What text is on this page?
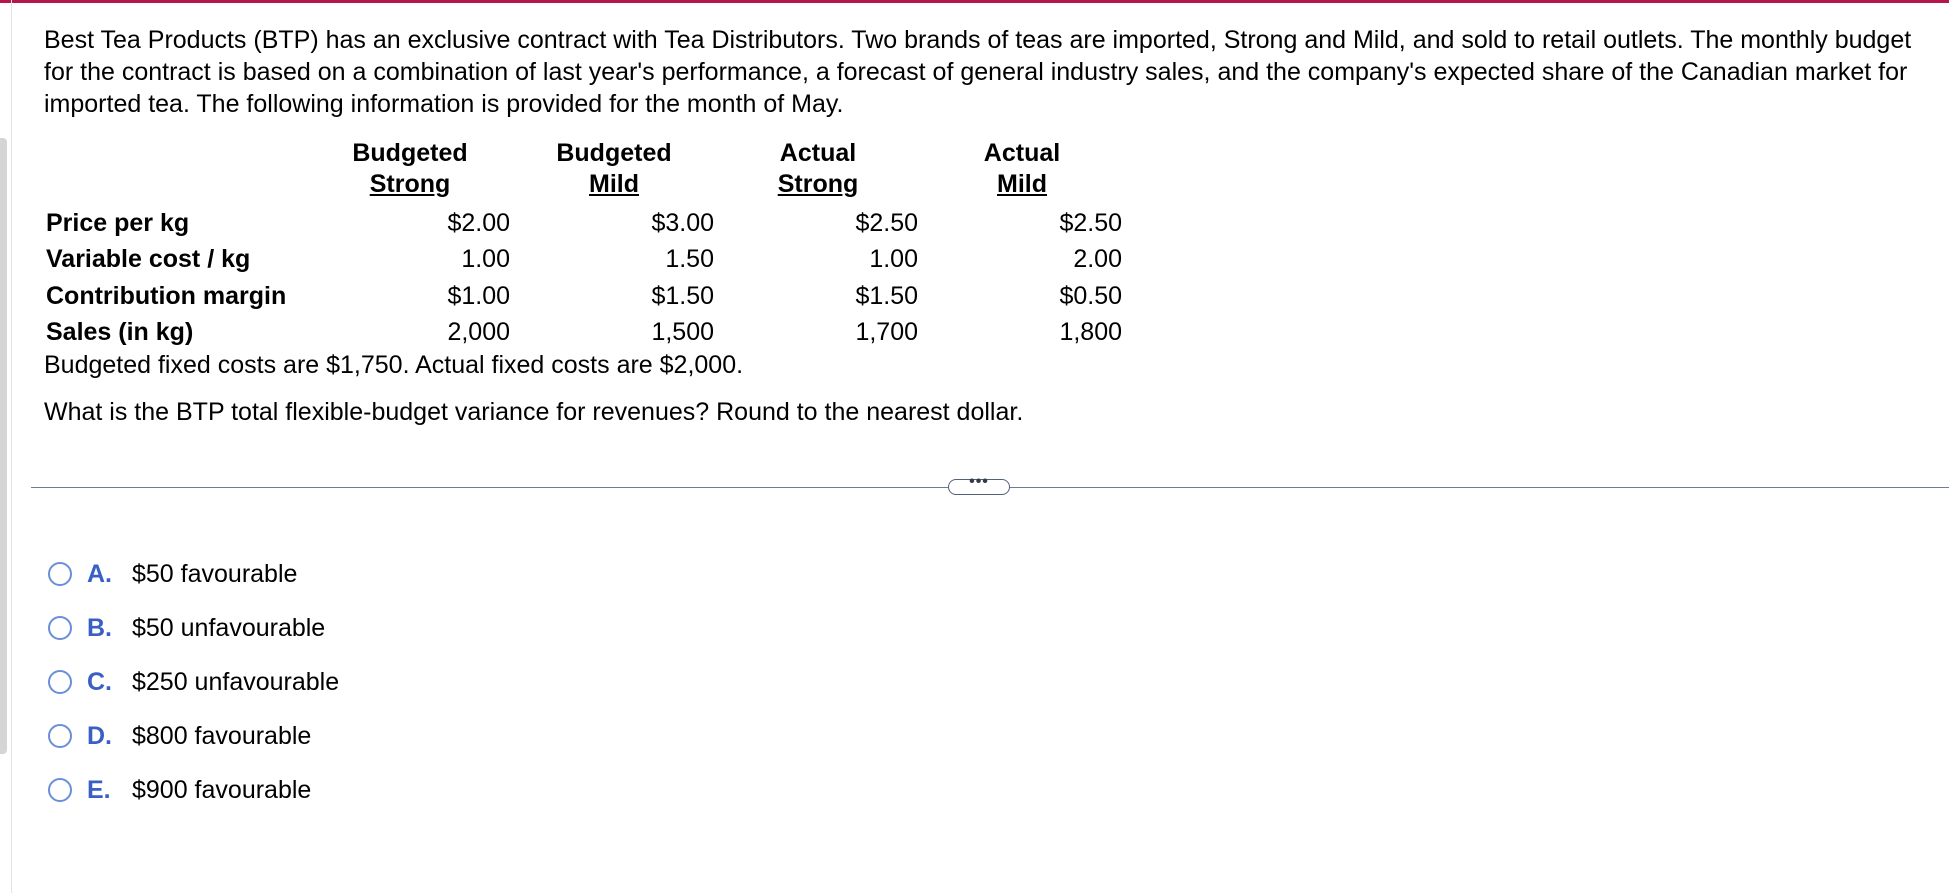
Best Tea Products (BTP) has an exclusive contract with Tea Distributors. Two brands of teas are imported, Strong and Mild, and sold to retail outlets. The monthly budget for the contract is based on a combination of last year's performance, a forecast of general industry sales, and the company's expected share of the Canadian market for imported tea. The following information is provided for the month of May.

Budgeted
Strong
Budgeted
Mild
Actual
Strong
Actual
Mild
Price per kg	$2.00	$3.00	$2.50	$2.50
Variable cost / kg	1.00	1.50	1.00	2.00
Contribution margin	$1.00	$1.50	$1.50	$0.50
Sales (in kg)	2,000	1,500	1,700	1,800

Budgeted fixed costs are $1,750. Actual fixed costs are $2,000.

What is the BTP total flexible-budget variance for revenues? Round to the nearest dollar.

•••
A. $50 favourable
B. $50 unfavourable
C. $250 unfavourable
D. $800 favourable
E. $900 favourable
